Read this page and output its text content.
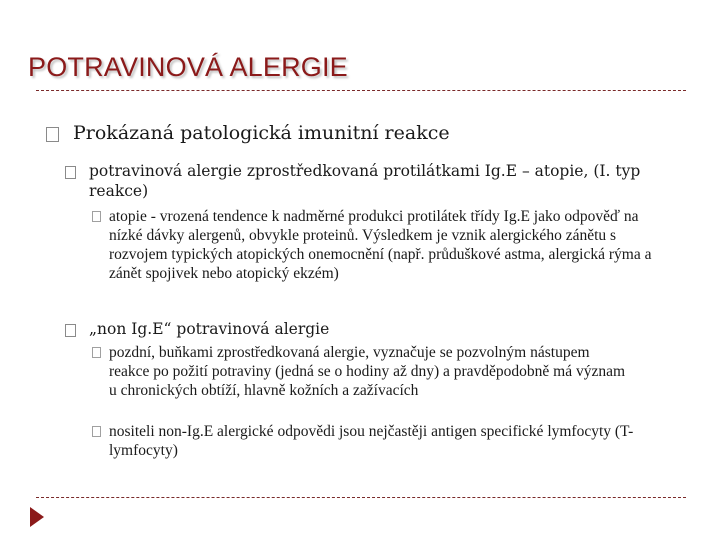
POTRAVINOVÁ ALERGIE
Prokázaná patologická imunitní reakce
potravinová alergie zprostředkovaná protilátkami Ig.E – atopie, (I. typ reakce)
atopie - vrozená tendence k nadměrné produkci protilátek třídy Ig.E jako odpověď na nízké dávky alergenů, obvykle proteinů. Výsledkem je vznik alergického zánětu s rozvojem typických atopických onemocnění (např. průduškové astma, alergická rýma a zánět spojivek nebo atopický ekzém)
„non Ig.E“ potravinová alergie
pozdní, buňkami zprostředkovaná alergie, vyznačuje se pozvolným nástupem reakce po požití potraviny (jedná se o hodiny až dny) a pravděpodobně má význam u chronických obtíží, hlavně kožních a zažívacích
nositeli non-Ig.E alergické odpovědi jsou nejčastěji antigen specifické lymfocyty (T-lymfocyty)
